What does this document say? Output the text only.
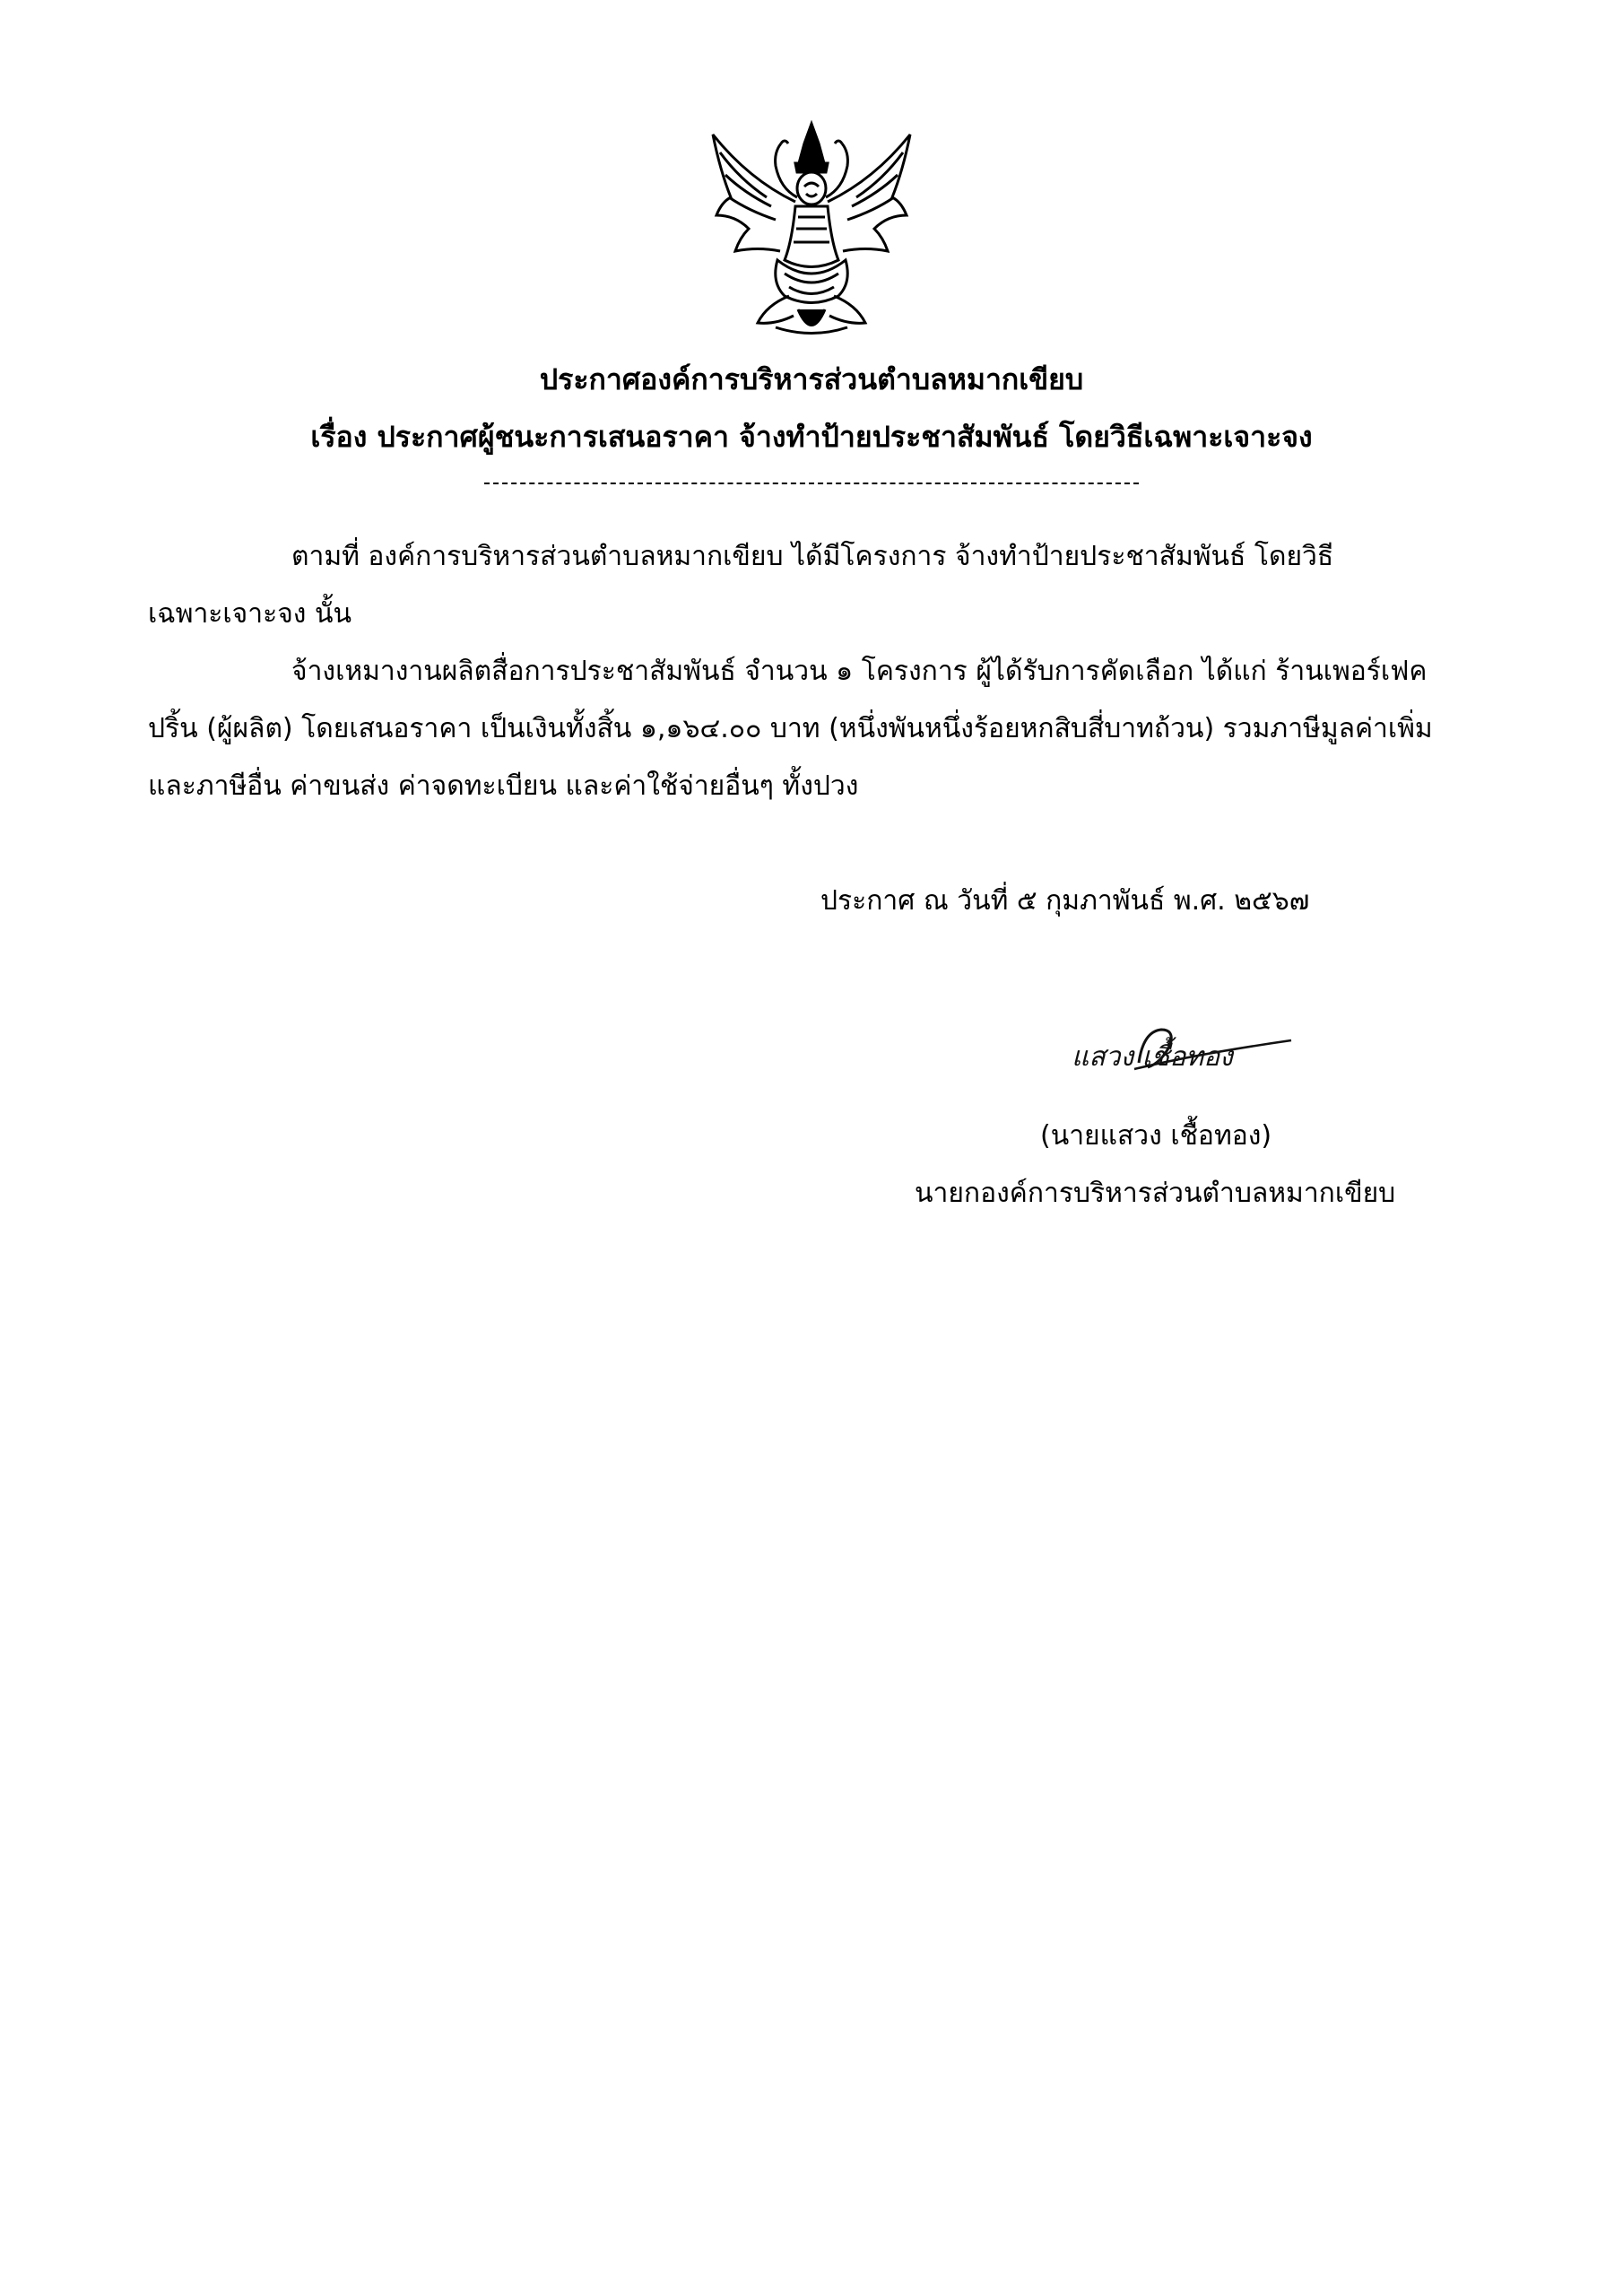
ประกาศองค์การบริหารส่วนตำบลหมากเขียบ
เรื่อง ประกาศผู้ชนะการเสนอราคา จ้างทำป้ายประชาสัมพันธ์ โดยวิธีเฉพาะเจาะจง
ตามที่ องค์การบริหารส่วนตำบลหมากเขียบ ได้มีโครงการ จ้างทำป้ายประชาสัมพันธ์ โดยวิธี
เฉพาะเจาะจง นั้น
จ้างเหมางานผลิตสื่อการประชาสัมพันธ์ จำนวน ๑ โครงการ ผู้ได้รับการคัดเลือก ได้แก่ ร้านเพอร์เฟค
ปริ้น (ผู้ผลิต) โดยเสนอราคา เป็นเงินทั้งสิ้น ๑,๑๖๔.๐๐ บาท (หนึ่งพันหนึ่งร้อยหกสิบสี่บาทถ้วน) รวมภาษีมูลค่าเพิ่ม
และภาษีอื่น ค่าขนส่ง ค่าจดทะเบียน และค่าใช้จ่ายอื่นๆ ทั้งปวง
ประกาศ ณ วันที่ ๕ กุมภาพันธ์ พ.ศ. ๒๕๖๗
แสวง เชื้อทอง
(นายแสวง เชื้อทอง)
นายกองค์การบริหารส่วนตำบลหมากเขียบ
